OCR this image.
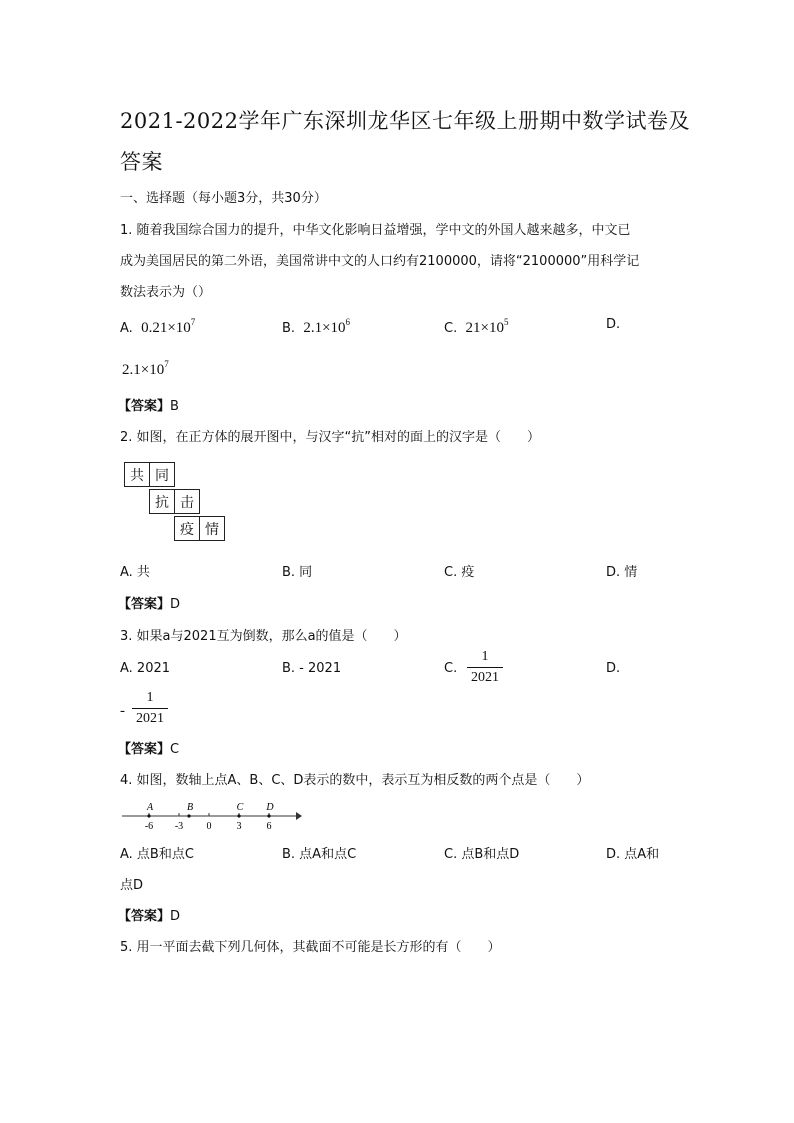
2021-2022学年广东深圳龙华区七年级上册期中数学试卷及
答案
一、选择题（每小题3分，共30分）
1. 随着我国综合国力的提升，中华文化影响日益增强，学中文的外国人越来越多，中文已
成为美国居民的第二外语，美国常讲中文的人口约有2100000，请将“2100000”用科学记
数法表示为（）
A. $0.21\times 10^7$	B. $2.1\times 10^6$	C. $21\times 10^5$	D.
$2.1\times 10^7$
【答案】B
2. 如图，在正方体的展开图中，与汉字“抗”相对的面上的汉字是（　　）
共 同
抗 击
疫 情
A. 共	B. 同	C. 疫	D. 情
【答案】D
3. 如果a与2021互为倒数，那么a的值是（　　）
A. 2021	B. - 2021	C.
1
2021
D.
-
1
2021
【答案】C
4. 如图，数轴上点A、B、C、D表示的数中，表示互为相反数的两个点是（　　）
-6 -3 0	3	6
A	B	C D
A. 点B和点C	B. 点A和点C	C. 点B和点D	D. 点A和
点D
【答案】D
5. 用一平面去截下列几何体，其截面不可能是长方形的有（　　）
